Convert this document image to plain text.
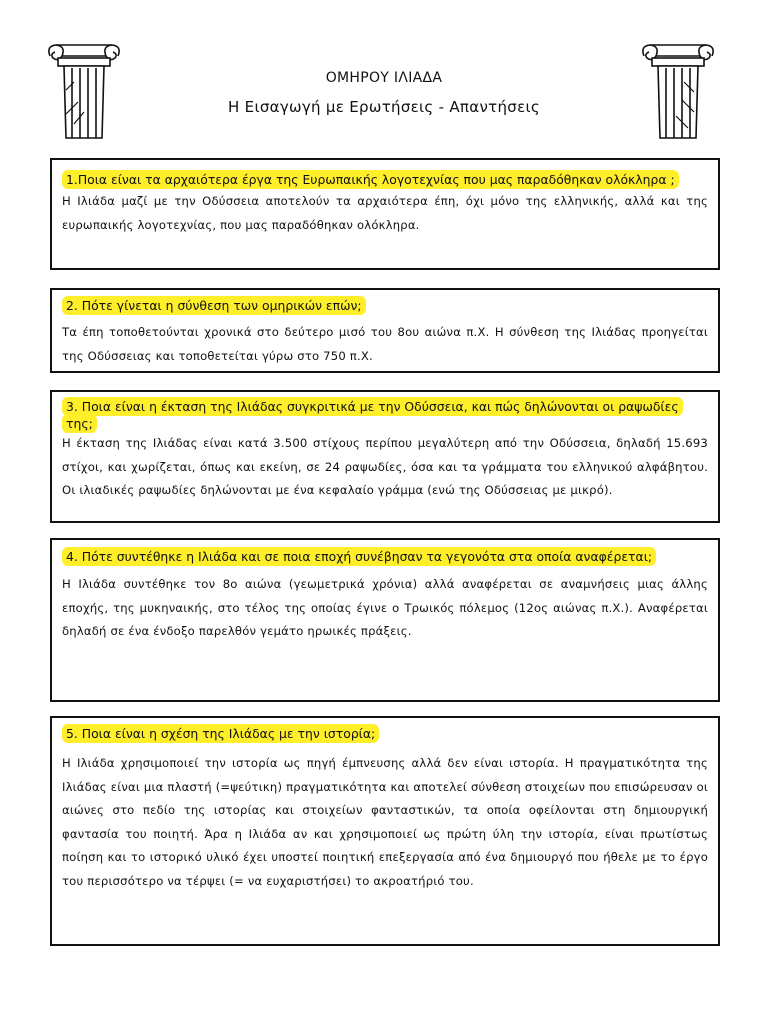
ΟΜΗΡΟΥ ΙΛΙΑΔΑ
Η Εισαγωγή με Ερωτήσεις - Απαντήσεις

1.Ποια είναι τα αρχαιότερα έργα της Ευρωπαικής λογοτεχνίας που μας παραδόθηκαν ολόκληρα ;

Η Ιλιάδα μαζί με την Οδύσσεια αποτελούν τα αρχαιότερα έπη, όχι μόνο της ελληνικής, αλλά και της ευρωπαικής λογοτεχνίας, που μας παραδόθηκαν ολόκληρα.

2. Πότε γίνεται η σύνθεση των ομηρικών επών;

Τα έπη τοποθετούνται χρονικά στο δεύτερο μισό του 8ου αιώνα π.Χ. Η σύνθεση της Ιλιάδας προηγείται της Οδύσσειας και τοποθετείται γύρω στο 750 π.Χ.

3. Ποια είναι η έκταση της Ιλιάδας συγκριτικά με την Οδύσσεια, και πώς δηλώνονται οι ραψωδίες της;

Η έκταση της Ιλιάδας είναι κατά 3.500 στίχους περίπου μεγαλύτερη από την Οδύσσεια, δηλαδή 15.693 στίχοι, και χωρίζεται, όπως και εκείνη, σε 24 ραψωδίες, όσα και τα γράμματα του ελληνικού αλφάβητου. Οι ιλιαδικές ραψωδίες δηλώνονται με ένα κεφαλαίο γράμμα (ενώ της Οδύσσειας με μικρό).

4. Πότε συντέθηκε η Ιλιάδα και σε ποια εποχή συνέβησαν τα γεγονότα στα οποία αναφέρεται;

Η Ιλιάδα συντέθηκε τον 8ο αιώνα (γεωμετρικά χρόνια) αλλά αναφέρεται σε αναμνήσεις μιας άλλης εποχής, της μυκηναικής, στο τέλος της οποίας έγινε ο Τρωικός πόλεμος (12ος αιώνας π.Χ.). Αναφέρεται δηλαδή σε ένα ένδοξο παρελθόν γεμάτο ηρωικές πράξεις.

5. Ποια είναι η σχέση της Ιλιάδας με την ιστορία;

Η Ιλιάδα χρησιμοποιεί την ιστορία ως πηγή έμπνευσης αλλά δεν είναι ιστορία. Η πραγματικότητα της Ιλιάδας είναι μια πλαστή (=ψεύτικη) πραγματικότητα και αποτελεί σύνθεση στοιχείων που επισώρευσαν οι αιώνες στο πεδίο της ιστορίας και στοιχείων φανταστικών, τα οποία οφείλονται στη δημιουργική φαντασία του ποιητή. Άρα η Ιλιάδα αν και χρησιμοποιεί ως πρώτη ύλη την ιστορία, είναι πρωτίστως ποίηση και το ιστορικό υλικό έχει υποστεί ποιητική επεξεργασία από ένα δημιουργό που ήθελε με το έργο του περισσότερο να τέρψει (= να ευχαριστήσει) το ακροατήριό του.
